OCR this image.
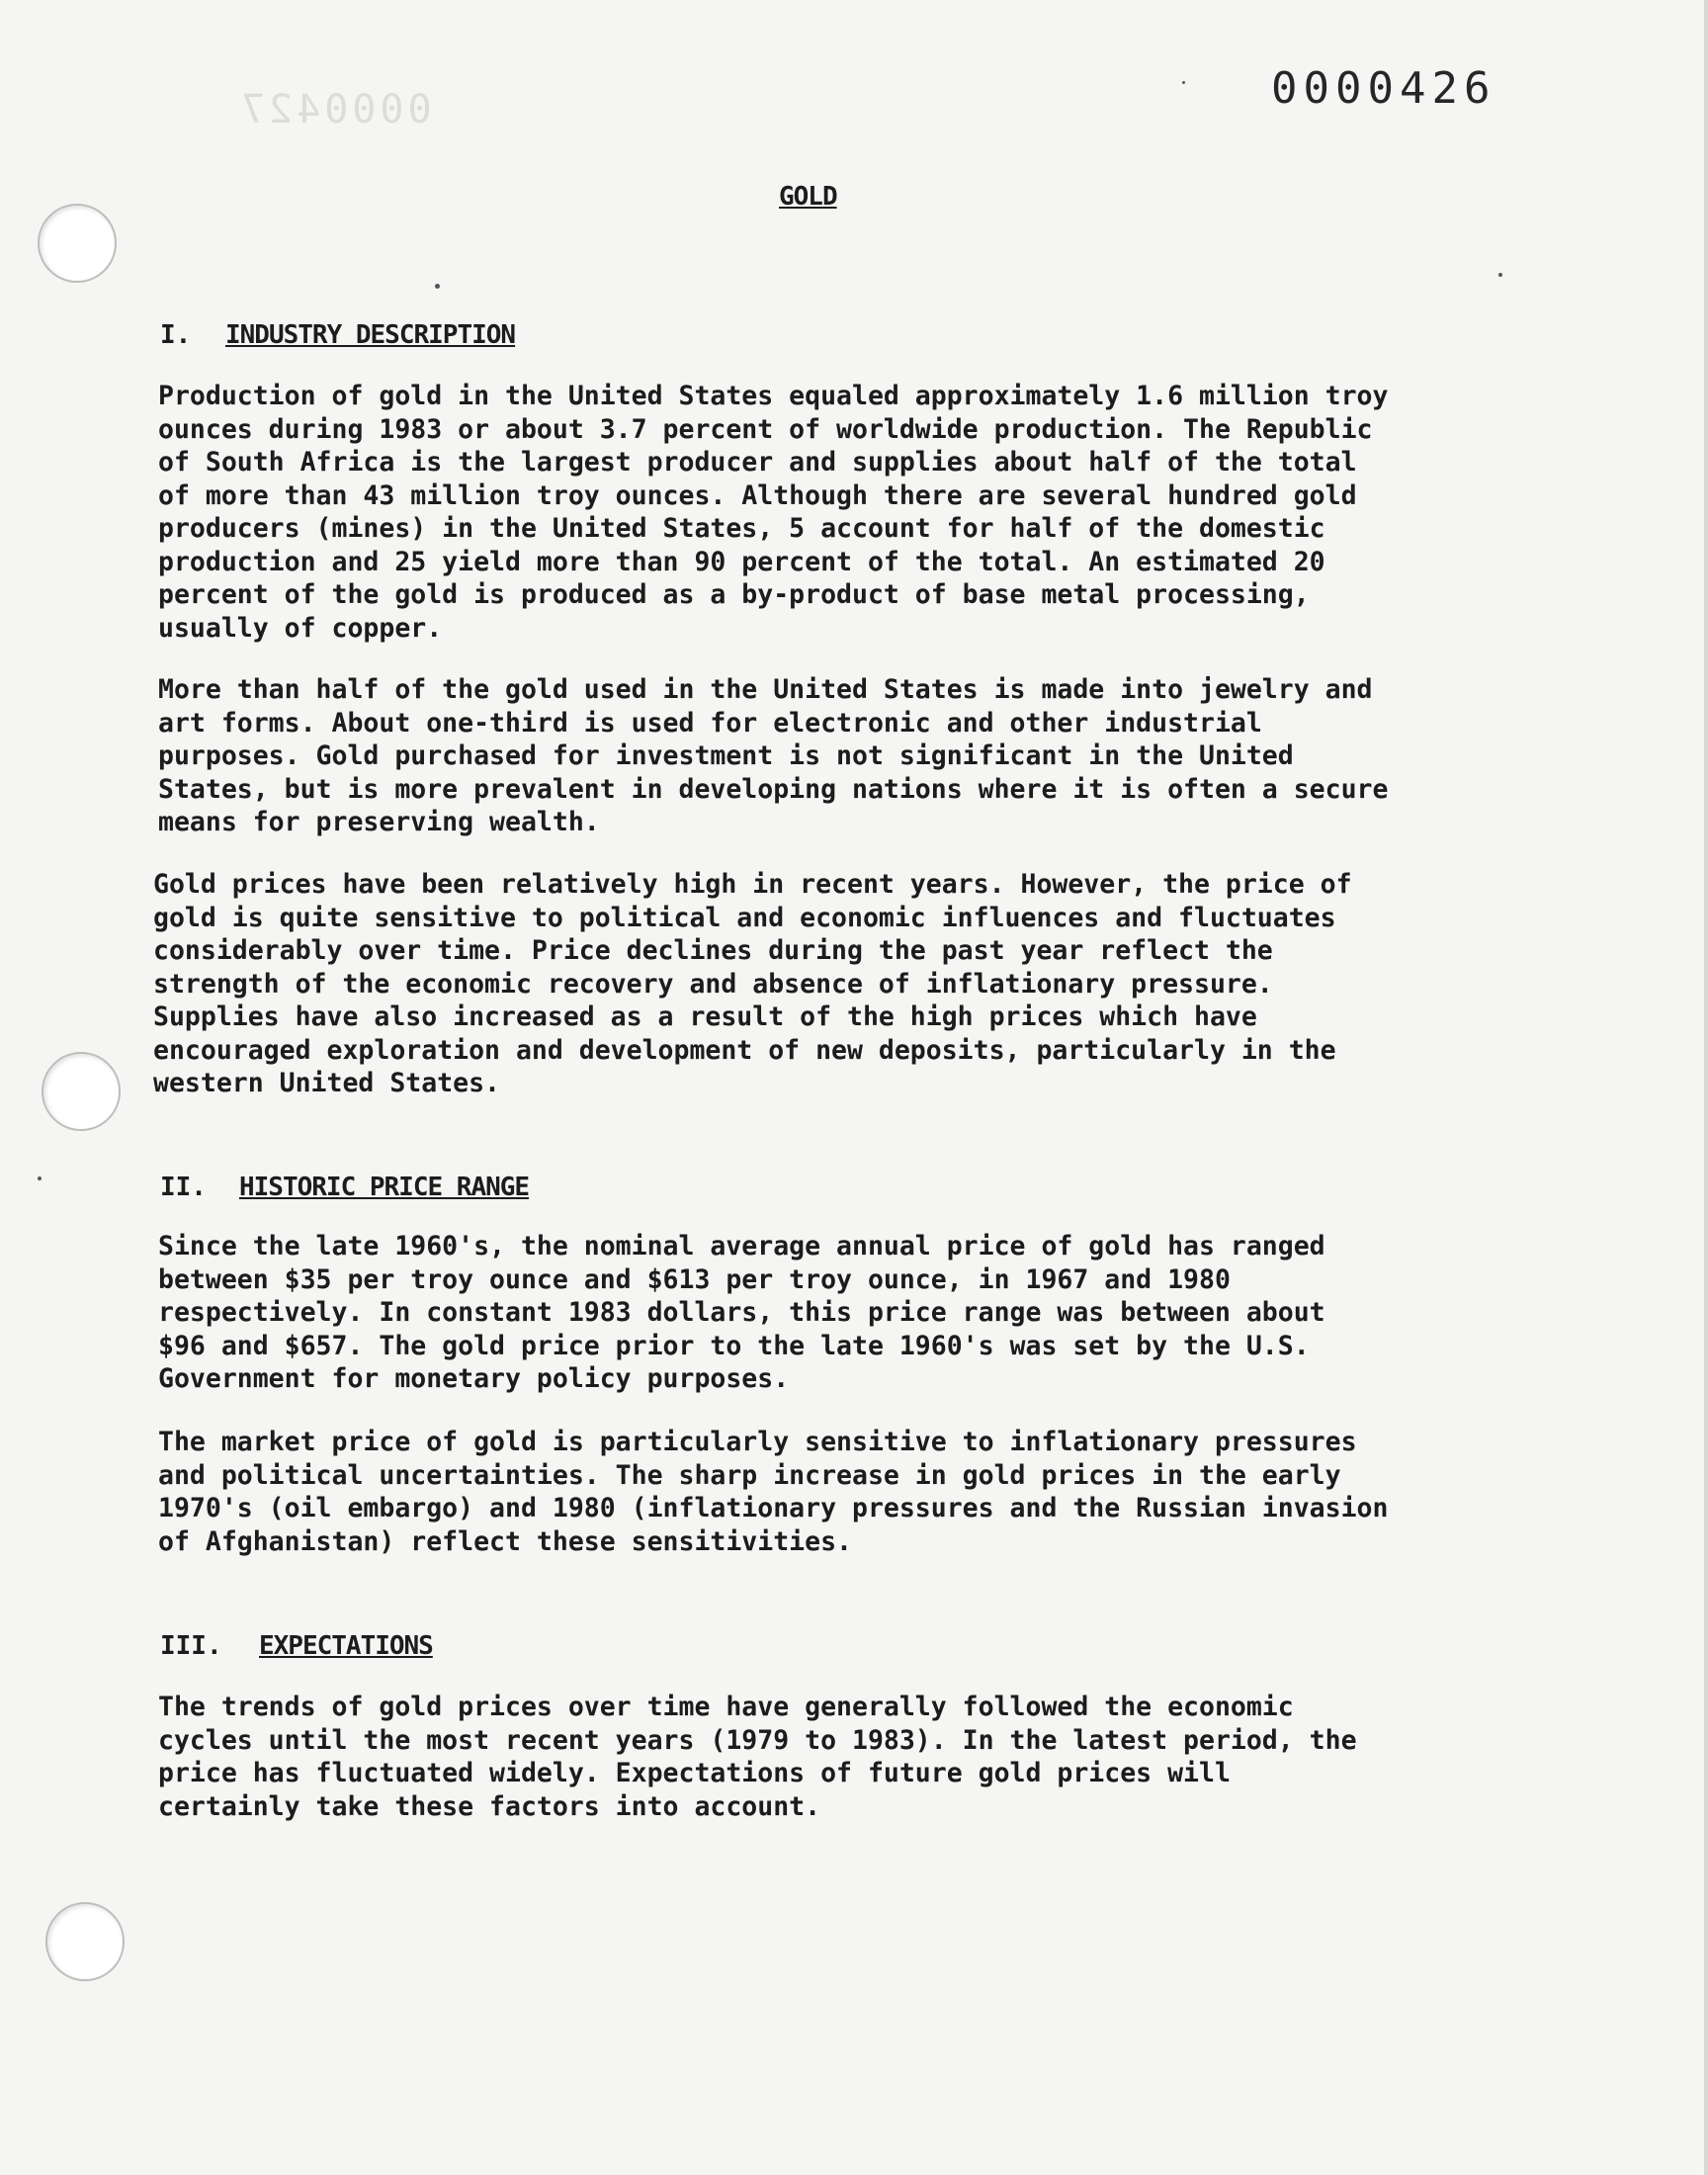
0000427	0000426
GOLD
I. INDUSTRY DESCRIPTION
Production of gold in the United States equaled approximately 1.6 million troy
ounces during 1983 or about 3.7 percent of worldwide production. The Republic
of South Africa is the largest producer and supplies about half of the total
of more than 43 million troy ounces. Although there are several hundred gold
producers (mines) in the United States, 5 account for half of the domestic
production and 25 yield more than 90 percent of the total. An estimated 20
percent of the gold is produced as a by-product of base metal processing,
usually of copper.
More than half of the gold used in the United States is made into jewelry and
art forms. About one-third is used for electronic and other industrial
purposes. Gold purchased for investment is not significant in the United
States, but is more prevalent in developing nations where it is often a secure
means for preserving wealth.
Gold prices have been relatively high in recent years. However, the price of
gold is quite sensitive to political and economic influences and fluctuates
considerably over time. Price declines during the past year reflect the
strength of the economic recovery and absence of inflationary pressure.
Supplies have also increased as a result of the high prices which have
encouraged exploration and development of new deposits, particularly in the
western United States.
II. HISTORIC PRICE RANGE
Since the late 1960's, the nominal average annual price of gold has ranged
between $35 per troy ounce and $613 per troy ounce, in 1967 and 1980
respectively. In constant 1983 dollars, this price range was between about
$96 and $657. The gold price prior to the late 1960's was set by the U.S.
Government for monetary policy purposes.
The market price of gold is particularly sensitive to inflationary pressures
and political uncertainties. The sharp increase in gold prices in the early
1970's (oil embargo) and 1980 (inflationary pressures and the Russian invasion
of Afghanistan) reflect these sensitivities.
III. EXPECTATIONS
The trends of gold prices over time have generally followed the economic
cycles until the most recent years (1979 to 1983). In the latest period, the
price has fluctuated widely. Expectations of future gold prices will
certainly take these factors into account.
